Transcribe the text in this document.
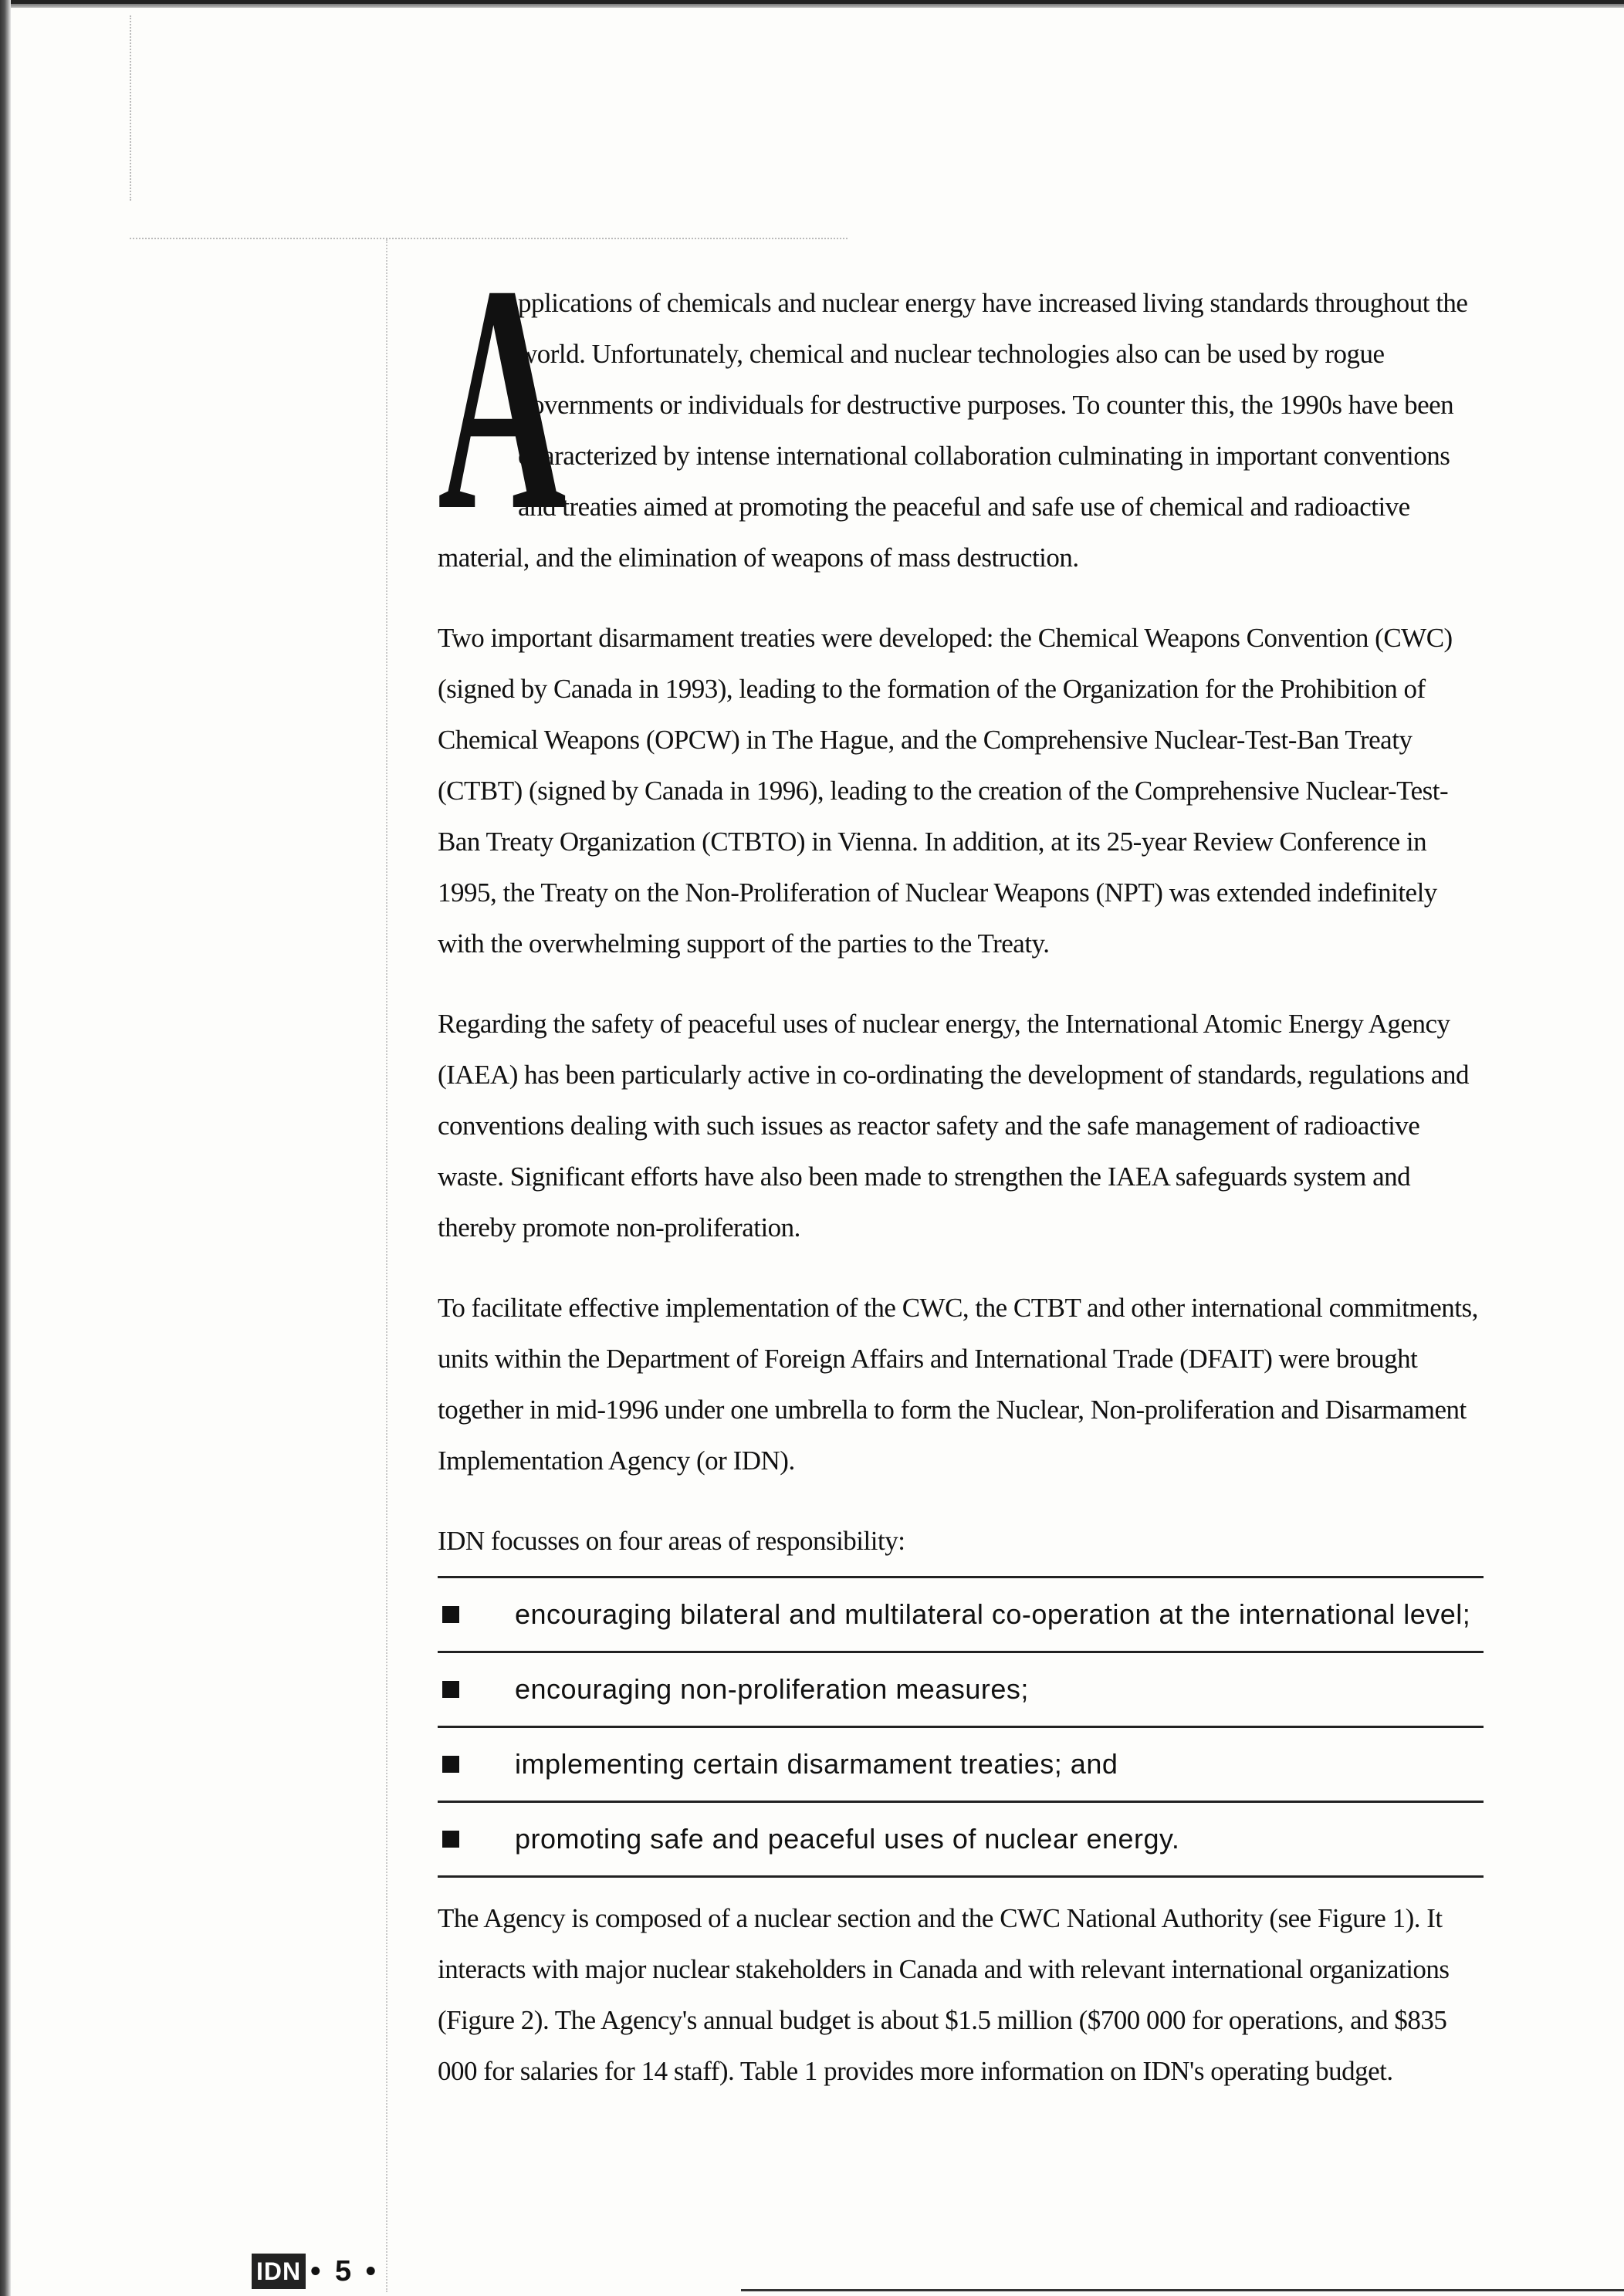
A
pplications of chemicals and nuclear energy have increased living standards throughout the world. Unfortunately, chemical and nuclear technologies also can be used by rogue governments or individuals for destructive purposes. To counter this, the 1990s have been characterized by intense international collaboration culminating in important conventions and treaties aimed at promoting the peaceful and safe use of chemical and radioactive material, and the elimination of weapons of mass destruction.

Two important disarmament treaties were developed: the Chemical Weapons Convention (CWC) (signed by Canada in 1993), leading to the formation of the Organization for the Prohibition of Chemical Weapons (OPCW) in The Hague, and the Comprehensive Nuclear-Test-Ban Treaty (CTBT) (signed by Canada in 1996), leading to the creation of the Comprehensive Nuclear-Test-Ban Treaty Organization (CTBTO) in Vienna. In addition, at its 25-year Review Conference in 1995, the Treaty on the Non-Proliferation of Nuclear Weapons (NPT) was extended indefinitely with the overwhelming support of the parties to the Treaty.

Regarding the safety of peaceful uses of nuclear energy, the International Atomic Energy Agency (IAEA) has been particularly active in co-ordinating the development of standards, regulations and conventions dealing with such issues as reactor safety and the safe management of radioactive waste. Significant efforts have also been made to strengthen the IAEA safeguards system and thereby promote non-proliferation.

To facilitate effective implementation of the CWC, the CTBT and other international commitments, units within the Department of Foreign Affairs and International Trade (DFAIT) were brought together in mid-1996 under one umbrella to form the Nuclear, Non-proliferation and Disarmament Implementation Agency (or IDN).

IDN focusses on four areas of responsibility:

encouraging bilateral and multilateral co-operation at the international level;
encouraging non-proliferation measures;
implementing certain disarmament treaties; and
promoting safe and peaceful uses of nuclear energy.

The Agency is composed of a nuclear section and the CWC National Authority (see Figure 1). It interacts with major nuclear stakeholders in Canada and with relevant international organizations (Figure 2). The Agency's annual budget is about $1.5 million ($700 000 for operations, and $835 000 for salaries for 14 staff). Table 1 provides more information on IDN's operating budget.

IDN • 5 •
